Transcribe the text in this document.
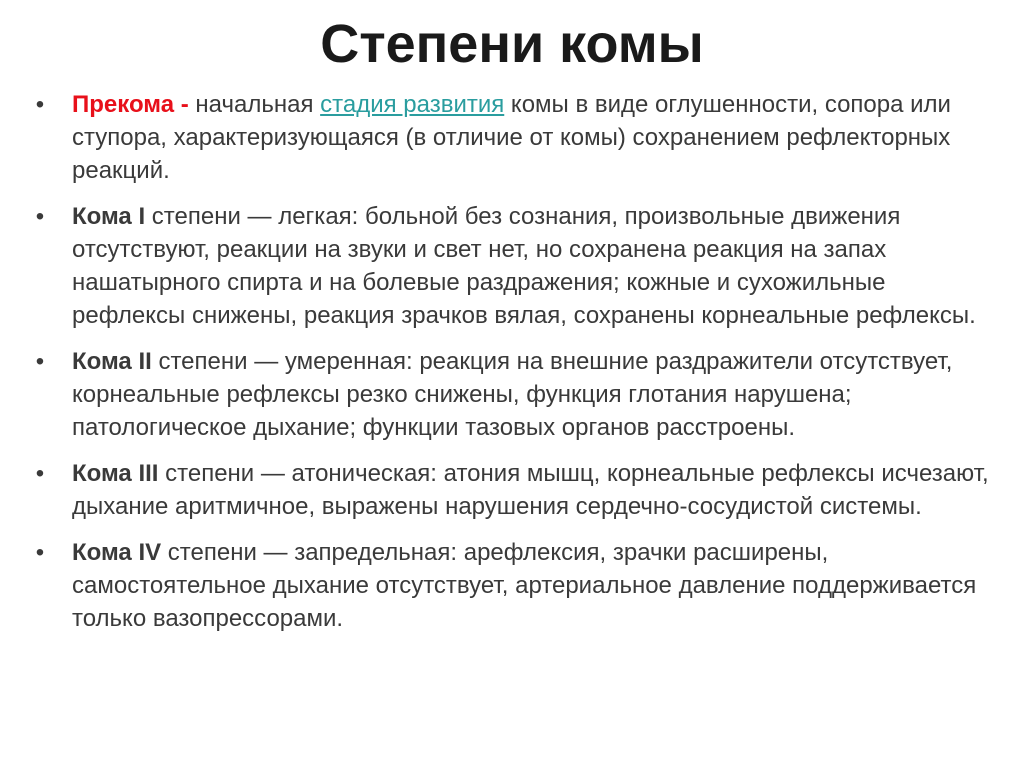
Степени комы
• Прекома - начальная стадия развития комы в виде оглушенности, сопора или ступора, характеризующаяся (в отличие от комы) сохранением рефлекторных реакций.
• Кома I степени — легкая: больной без сознания, произвольные движения отсутствуют, реакции на звуки и свет нет, но сохранена реакция на запах нашатырного спирта и на болевые раздражения; кожные и сухожильные рефлексы снижены, реакция зрачков вялая, сохранены корнеальные рефлексы.
• Кома II степени — умеренная: реакция на внешние раздражители отсутствует, корнеальные рефлексы резко снижены, функция глотания нарушена; патологическое дыхание; функции тазовых органов расстроены.
• Кома III степени — атоническая: атония мышц, корнеальные рефлексы исчезают, дыхание аритмичное, выражены нарушения сердечно-сосудистой системы.
• Кома IV степени — запредельная: арефлексия, зрачки расширены, самостоятельное дыхание отсутствует, артериальное давление поддерживается только вазопрессорами.
